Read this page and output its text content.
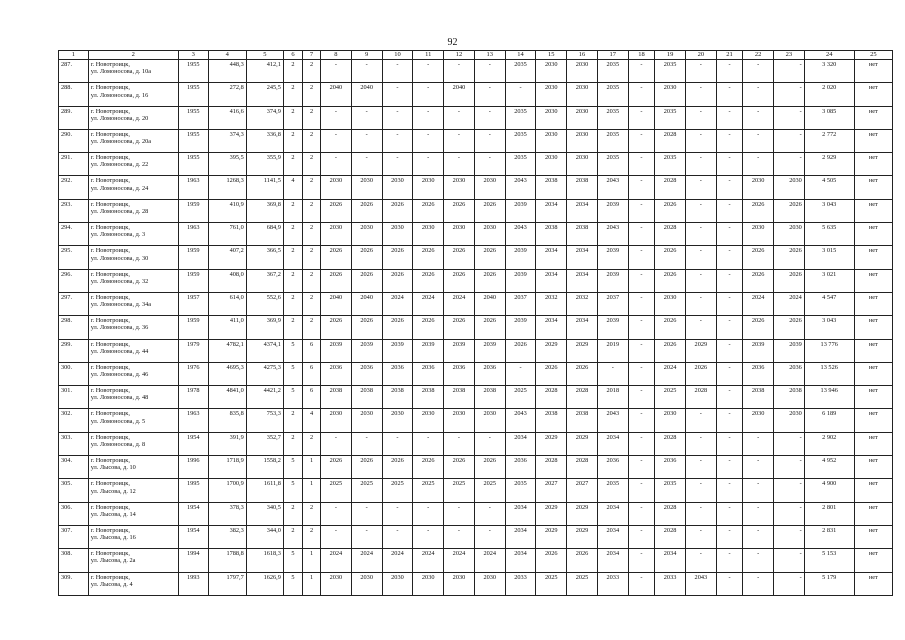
92
1	2	3	4	5	6	7	8	9	10	11	12	13	14	15	16	17	18	19	20	21	22	23	24	25
287.	г. Новотроицк,
ул. Ломоносова, д. 10а	1955	448,3	412,1	2	2	-	-	-	-	-	-	2035	2030	2030	2035	-	2035	-	-	-	-	3 320	нет
288.	г. Новотроицк,
ул. Ломоносова, д. 16	1955	272,8	245,5	2	2	2040	2040	-	-	2040	-	-	2030	2030	2035	-	2030	-	-	-	-	2 020	нет
289.	г. Новотроицк,
ул. Ломоносова, д. 20	1955	416,6	374,9	2	2	-	-	-	-	-	-	2035	2030	2030	2035	-	2035	-	-	-	-	3 085	нет
290.	г. Новотроицк,
ул. Ломоносова, д. 20а	1955	374,3	336,8	2	2	-	-	-	-	-	-	2035	2030	2030	2035	-	2028	-	-	-	-	2 772	нет
291.	г. Новотроицк,
ул. Ломоносова, д. 22	1955	395,5	355,9	2	2	-	-	-	-	-	-	2035	2030	2030	2035	-	2035	-	-	-	-	2 929	нет
292.	г. Новотроицк,
ул. Ломоносова, д. 24	1963	1268,3	1141,5	4	2	2030	2030	2030	2030	2030	2030	2043	2038	2038	2043	-	2028	-	-	2030	2030	4 505	нет
293.	г. Новотроицк,
ул. Ломоносова, д. 28	1959	410,9	369,8	2	2	2026	2026	2026	2026	2026	2026	2039	2034	2034	2039	-	2026	-	-	2026	2026	3 043	нет
294.	г. Новотроицк,
ул. Ломоносова, д. 3	1963	761,0	684,9	2	2	2030	2030	2030	2030	2030	2030	2043	2038	2038	2043	-	2028	-	-	2030	2030	5 635	нет
295.	г. Новотроицк,
ул. Ломоносова, д. 30	1959	407,2	366,5	2	2	2026	2026	2026	2026	2026	2026	2039	2034	2034	2039	-	2026	-	-	2026	2026	3 015	нет
296.	г. Новотроицк,
ул. Ломоносова, д. 32	1959	408,0	367,2	2	2	2026	2026	2026	2026	2026	2026	2039	2034	2034	2039	-	2026	-	-	2026	2026	3 021	нет
297.	г. Новотроицк,
ул. Ломоносова, д. 34а	1957	614,0	552,6	2	2	2040	2040	2024	2024	2024	2040	2037	2032	2032	2037	-	2030	-	-	2024	2024	4 547	нет
298.	г. Новотроицк,
ул. Ломоносова, д. 36	1959	411,0	369,9	2	2	2026	2026	2026	2026	2026	2026	2039	2034	2034	2039	-	2026	-	-	2026	2026	3 043	нет
299.	г. Новотроицк,
ул. Ломоносова, д. 44	1979	4782,1	4374,1	5	6	2039	2039	2039	2039	2039	2039	2026	2029	2029	2019	-	2026	2029	-	2039	2039	13 776	нет
300.	г. Новотроицк,
ул. Ломоносова, д. 46	1976	4695,3	4275,3	5	6	2036	2036	2036	2036	2036	2036	-	2026	2026	-	-	2024	2026	-	2036	2036	13 526	нет
301.	г. Новотроицк,
ул. Ломоносова, д. 48	1978	4841,0	4421,2	5	6	2038	2038	2038	2038	2038	2038	2025	2028	2028	2018	-	2025	2028	-	2038	2038	13 946	нет
302.	г. Новотроицк,
ул. Ломоносова, д. 5	1963	835,8	753,3	2	4	2030	2030	2030	2030	2030	2030	2043	2038	2038	2043	-	2030	-	-	2030	2030	6 189	нет
303.	г. Новотроицк,
ул. Ломоносова, д. 8	1954	391,9	352,7	2	2	-	-	-	-	-	-	2034	2029	2029	2034	-	2028	-	-	-	-	2 902	нет
304.	г. Новотроицк,
ул. Лысова, д. 10	1996	1718,9	1558,2	5	1	2026	2026	2026	2026	2026	2026	2036	2028	2028	2036	-	2036	-	-	-	-	4 952	нет
305.	г. Новотроицк,
ул. Лысова, д. 12	1995	1700,9	1611,8	5	1	2025	2025	2025	2025	2025	2025	2035	2027	2027	2035	-	2035	-	-	-	-	4 900	нет
306.	г. Новотроицк,
ул. Лысова, д. 14	1954	378,3	340,5	2	2	-	-	-	-	-	-	2034	2029	2029	2034	-	2028	-	-	-	-	2 801	нет
307.	г. Новотроицк,
ул. Лысова, д. 16	1954	382,3	344,0	2	2	-	-	-	-	-	-	2034	2029	2029	2034	-	2028	-	-	-	-	2 831	нет
308.	г. Новотроицк,
ул. Лысова, д. 2а	1994	1788,8	1618,3	5	1	2024	2024	2024	2024	2024	2024	2034	2026	2026	2034	-	2034	-	-	-	-	5 153	нет
309.	г. Новотроицк,
ул. Лысова, д. 4	1993	1797,7	1626,9	5	1	2030	2030	2030	2030	2030	2030	2033	2025	2025	2033	-	2033	2043	-	-	-	5 179	нет
